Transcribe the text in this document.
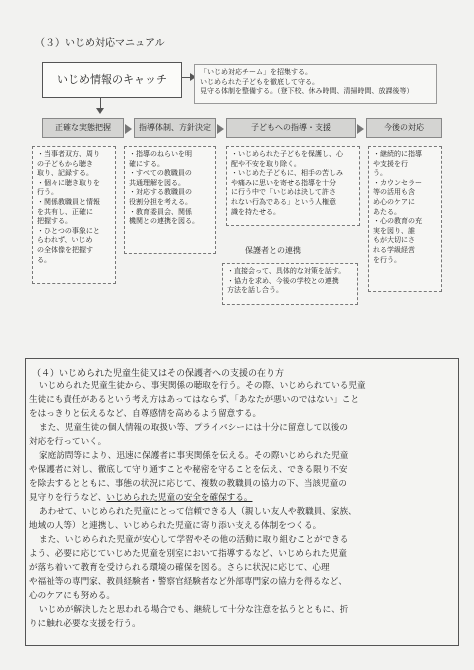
（３）いじめ対応マニュアル
いじめ情報のキャッチ
「いじめ対応チーム」を招集する。
いじめられた子どもを徹底して守る。
見守る体制を整備する。（登下校、休み時間、清掃時間、放課後等）
正確な実態把握	指導体制、方針決定	子どもへの指導・支援	今後の対応
・当事者双方、周り
の子どもから聴き
取り、記録する。
・個々に聴き取りを
行う。
・関係教職員と情報
を共有し、正確に
把握する。
・ひとつの事象にと
らわれず、いじめ
の全体像を把握す
る。
・指導のねらいを明
確にする。
・すべての教職員の
共通理解を図る。
・対応する教職員の
役割分担を考える。
・教育委員会、関係
機関との連携を図る。
・いじめられた子どもを保護し、心
配や不安を取り除く。
・いじめた子どもに、相手の苦しみ
や痛みに思いを寄せる指導を十分
に行う中で「いじめは決して許さ
れない行為である」という人権意
識を持たせる。
保護者との連携
・直接会って、具体的な対策を話す。
・協力を求め、今後の学校との連携
方法を話し合う。
・継続的に指導
や支援を行
う。
・カウンセラー
等の活用も含
め心のケアに
あたる。
・心の教育の充
実を図り、誰
もが大切にさ
れる学級経営
を行う。
（４）いじめられた児童生徒又はその保護者への支援の在り方
いじめられた児童生徒から、事実関係の聴取を行う。その際、いじめられている児童
生徒にも責任があるという考え方はあってはならず、「あなたが悪いのではない」こと
をはっきりと伝えるなど、自尊感情を高めるよう留意する。
また、児童生徒の個人情報の取扱い等、プライバシーには十分に留意して以後の
対応を行っていく。
家庭訪問等により、迅速に保護者に事実関係を伝える。その際いじめられた児童
や保護者に対し、徹底して守り通すことや秘密を守ることを伝え、できる限り不安
を除去するとともに、事態の状況に応じて、複数の教職員の協力の下、当該児童の
見守りを行うなど、いじめられた児童の安全を確保する。
あわせて、いじめられた児童にとって信頼できる人（親しい友人や教職員、家族、
地域の人等）と連携し、いじめられた児童に寄り添い支える体制をつくる。
また、いじめられた児童が安心して学習やその他の活動に取り組むことができる
よう、必要に応じていじめた児童を別室において指導するなど、いじめられた児童
が落ち着いて教育を受けられる環境の確保を図る。さらに状況に応じて、心理
や福祉等の専門家、教員経験者・警察官経験者など外部専門家の協力を得るなど、
心のケアにも努める。
いじめが解決したと思われる場合でも、継続して十分な注意を払うとともに、折
りに触れ必要な支援を行う。
